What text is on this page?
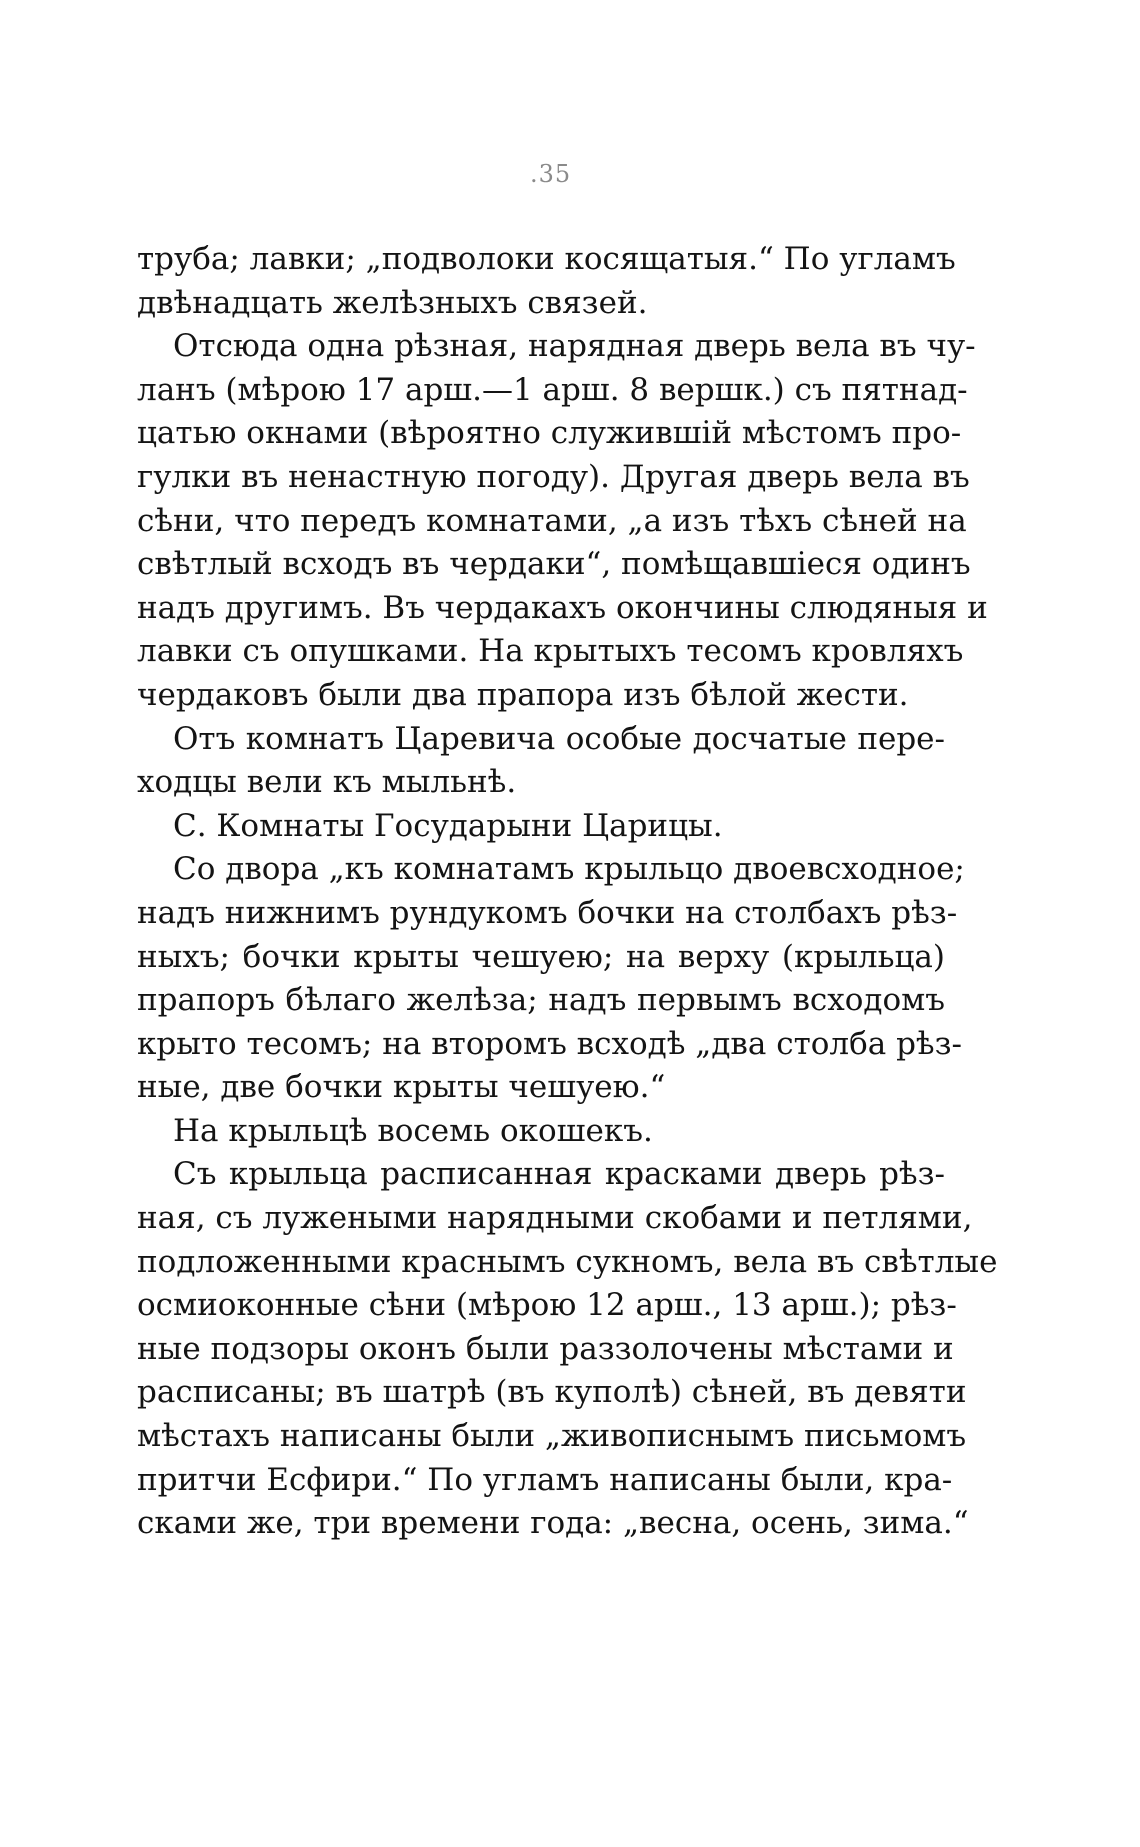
.35

труба; лавки; „подволоки косящатыя.“ По угламъ
двѣнадцать желѣзныхъ связей.

Отсюда одна рѣзная, нарядная дверь вела въ чу-
ланъ (мѣрою 17 арш.—1 арш. 8 вершк.) съ пятнад-
цатью окнами (вѣроятно служившій мѣстомъ про-
гулки въ ненастную погоду). Другая дверь вела въ
сѣни, что передъ комнатами, „а изъ тѣхъ сѣней на
свѣтлый всходъ въ чердаки“, помѣщавшіеся одинъ
надъ другимъ. Въ чердакахъ окончины слюдяныя и
лавки съ опушками. На крытыхъ тесомъ кровляхъ
чердаковъ были два прапора изъ бѣлой жести.

Отъ комнатъ Царевича особые досчатые пере-
ходцы вели къ мыльнѣ.

С. Комнаты Государыни Царицы.

Со двора „къ комнатамъ крыльцо двоевсходное;
надъ нижнимъ рундукомъ бочки на столбахъ рѣз-
ныхъ; бочки крыты чешуею; на верху (крыльца)
прапоръ бѣлаго желѣза; надъ первымъ всходомъ
крыто тесомъ; на второмъ всходѣ „два столба рѣз-
ные, две бочки крыты чешуею.“

На крыльцѣ восемь окошекъ.

Съ крыльца расписанная красками дверь рѣз-
ная, съ лужеными нарядными скобами и петлями,
подложенными краснымъ сукномъ, вела въ свѣтлые
осмиоконные сѣни (мѣрою 12 арш., 13 арш.); рѣз-
ные подзоры оконъ были раззолочены мѣстами и
расписаны; въ шатрѣ (въ куполѣ) сѣней, въ девяти
мѣстахъ написаны были „живописнымъ письмомъ
притчи Есфири.“ По угламъ написаны были, кра-
сками же, три времени года: „весна, осень, зима.“
